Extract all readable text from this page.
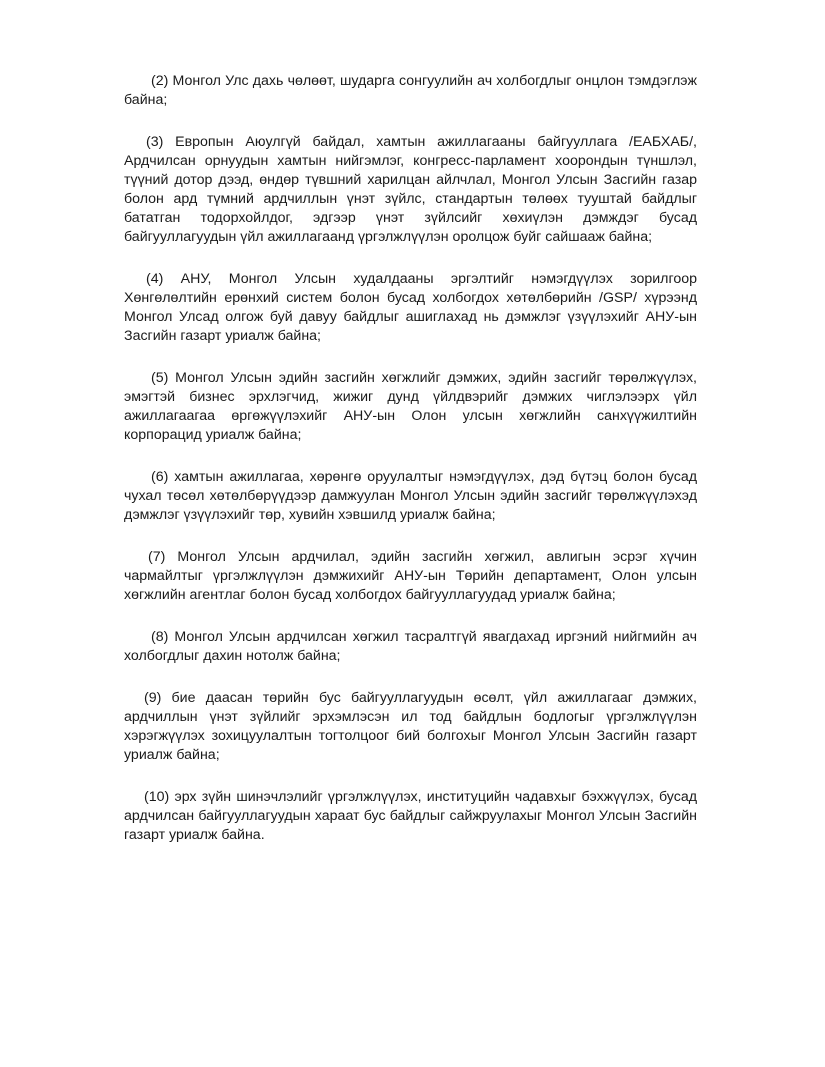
(2) Монгол Улс дахь чөлөөт, шударга сонгуулийн ач холбогдлыг онцлон тэмдэглэж байна;

(3) Европын Аюулгүй байдал, хамтын ажиллагааны байгууллага /ЕАБХАБ/, Ардчилсан орнуудын хамтын нийгэмлэг, конгресс-парламент хоорондын түншлэл, түүний дотор дээд, өндөр түвшний харилцан айлчлал, Монгол Улсын Засгийн газар болон ард түмний ардчиллын үнэт зүйлс, стандартын төлөөх тууштай байдлыг бататган тодорхойлдог, эдгээр үнэт зүйлсийг хөхиүлэн дэмждэг бусад байгууллагуудын үйл ажиллагаанд үргэлжлүүлэн оролцож буйг сайшааж байна;

(4) АНУ, Монгол Улсын худалдааны эргэлтийг нэмэгдүүлэх зорилгоор Хөнгөлөлтийн ерөнхий систем болон бусад холбогдох хөтөлбөрийн /GSP/ хүрээнд Монгол Улсад олгож буй давуу байдлыг ашиглахад нь дэмжлэг үзүүлэхийг АНУ-ын Засгийн газарт уриалж байна;

(5) Монгол Улсын эдийн засгийн хөгжлийг дэмжих, эдийн засгийг төрөлжүүлэх, эмэгтэй бизнес эрхлэгчид, жижиг дунд үйлдвэрийг дэмжих чиглэлээрх үйл ажиллагаагаа өргөжүүлэхийг АНУ-ын Олон улсын хөгжлийн санхүүжилтийн корпорацид уриалж байна;

(6) хамтын ажиллагаа, хөрөнгө оруулалтыг нэмэгдүүлэх, дэд бүтэц болон бусад чухал төсөл хөтөлбөрүүдээр дамжуулан Монгол Улсын эдийн засгийг төрөлжүүлэхэд дэмжлэг үзүүлэхийг төр, хувийн хэвшилд уриалж байна;

(7) Монгол Улсын ардчилал, эдийн засгийн хөгжил, авлигын эсрэг хүчин чармайлтыг үргэлжлүүлэн дэмжихийг АНУ-ын Төрийн департамент, Олон улсын хөгжлийн агентлаг болон бусад холбогдох байгууллагуудад уриалж байна;

(8) Монгол Улсын ардчилсан хөгжил тасралтгүй явагдахад иргэний нийгмийн ач холбогдлыг дахин нотолж байна;

(9) бие даасан төрийн бус байгууллагуудын өсөлт, үйл ажиллагааг дэмжих, ардчиллын үнэт зүйлийг эрхэмлэсэн ил тод байдлын бодлогыг үргэлжлүүлэн хэрэгжүүлэх зохицуулалтын тогтолцоог бий болгохыг Монгол Улсын Засгийн газарт уриалж байна;

(10) эрх зүйн шинэчлэлийг үргэлжлүүлэх, институцийн чадавхыг бэхжүүлэх, бусад ардчилсан байгууллагуудын хараат бус байдлыг сайжруулахыг Монгол Улсын Засгийн газарт уриалж байна.
